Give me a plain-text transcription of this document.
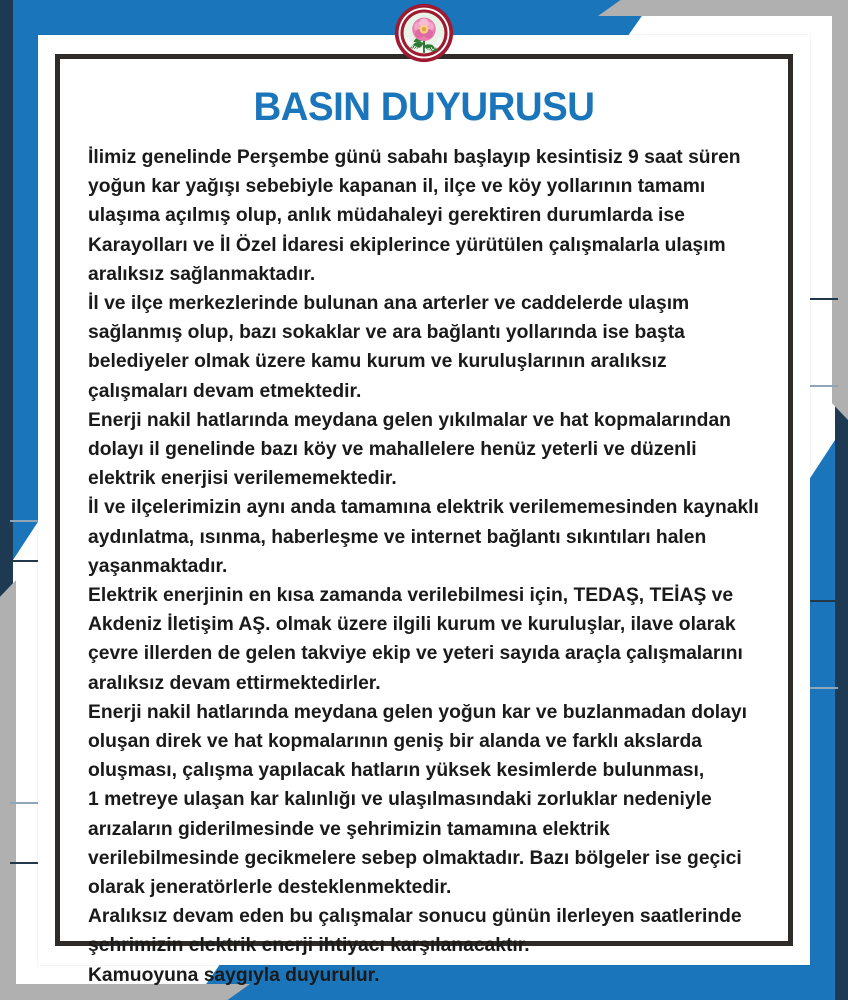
ISPARTA VALİLİĞİ
BASIN DUYURUSU

İlimiz genelinde Perşembe günü sabahı başlayıp kesintisiz 9 saat süren yoğun kar yağışı sebebiyle kapanan il, ilçe ve köy yollarının tamamı ulaşıma açılmış olup, anlık müdahaleyi gerektiren durumlarda ise Karayolları ve İl Özel İdaresi ekiplerince yürütülen çalışmalarla ulaşım aralıksız sağlanmaktadır.

İl ve ilçe merkezlerinde bulunan ana arterler ve caddelerde ulaşım sağlanmış olup, bazı sokaklar ve ara bağlantı yollarında ise başta belediyeler olmak üzere kamu kurum ve kuruluşlarının aralıksız çalışmaları devam etmektedir.

Enerji nakil hatlarında meydana gelen yıkılmalar ve hat kopmalarından dolayı il genelinde bazı köy ve mahallelere henüz yeterli ve düzenli elektrik enerjisi verilememektedir.

İl ve ilçelerimizin aynı anda tamamına elektrik verilememesinden kaynaklı aydınlatma, ısınma, haberleşme ve internet bağlantı sıkıntıları halen yaşanmaktadır.

Elektrik enerjinin en kısa zamanda verilebilmesi için, TEDAŞ, TEİAŞ ve Akdeniz İletişim AŞ. olmak üzere ilgili kurum ve kuruluşlar, ilave olarak çevre illerden de gelen takviye ekip ve yeteri sayıda araçla çalışmalarını aralıksız devam ettirmektedirler.

Enerji nakil hatlarında meydana gelen yoğun kar ve buzlanmadan dolayı oluşan direk ve hat kopmalarının geniş bir alanda ve farklı akslarda oluşması, çalışma yapılacak hatların yüksek kesimlerde bulunması,

1 metreye ulaşan kar kalınlığı ve ulaşılmasındaki zorluklar nedeniyle arızaların giderilmesinde ve şehrimizin tamamına elektrik verilebilmesinde gecikmelere sebep olmaktadır. Bazı bölgeler ise geçici olarak jeneratörlerle desteklenmektedir.

Aralıksız devam eden bu çalışmalar sonucu günün ilerleyen saatlerinde şehrimizin elektrik enerji ihtiyacı karşılanacaktır.

Kamuoyuna saygıyla duyurulur.
